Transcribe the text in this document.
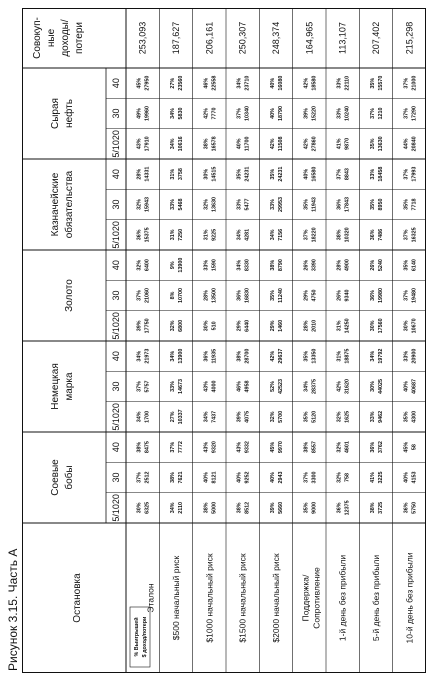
Рисунок 3.15. Часть А	Остановка
Соевые бобы
5/1020
30
40
Немецкая марка
5/1020
30
40
Золото
5/1020
30
40
Казначейские обязательства	5/1020
30
40
Сырая нефть
5/1020
30
40
Совокуп- ные доходы/ потери
% Выигрышей $ доход/потери
Эталон
253,093
30% 6325
37% 2512
38% 8475
34% 1700
37% 5757
34% 21973
39% 17750
37% 21060
32% 6400
36% 15375
32% 15943
28% 14331
43% 17910
49% 19960
45% 27950
$500 начальный риск
187,627
34% 2110
38% 7621
37% 7772
27% 10337
33% 14673
34% 13900
32% 6800
8% 10700
9% 13900
31% 7250
33% 5468
31% 3758
34% 10616
34% 5830
27% 23560
$1000 начальный риск
206,161
38% 5000
40% 8121
43% 9320
34% 7437
43% 4000
36% 11935
30% 510
28% 13500
33% 1590
31% 9225
32% 13630
30% 14515
38% 16578
42% 7770
46% 22558
$1500 начальный риск
250,307
38% 8512
40% 9252
43% 9332
39% 4075
46% 4958
38% 28700
29% 6440
36% 16830
34% 8330
34% 4281
33% 5477
35% 24231
40% 11700
37% 10340
34% 23710
$2000 начальный риск
248,374
39% 5660
40% 2943
45% 9970
32% 5700
52% 42523
42% 29637
29% 1460
35% 11240
38% 8790
34% 7156
33% 29953
35% 24231
42% 11508
40% 18790
40% 16080
Поддержка/ Сопротивление
164,965
35% 9000
37% 3300
38% 8557
35% 5120
34% 28375
35% 13350
28% 2010
29% 4750
26% 3390
37% 18220
35% 11943
40% 16580
42% 27860
39% 15220
42% 18580
1-й день без прибыли
113,107
36% 12375
32% 758
32% 4601
32% 1625
42% 31620
31% 18875
31% 14250
26% 9340
28% 4900
38% 10320
36% 17843
37% 8843
41% 9870
33% 10240
33% 22110
5-й день без прибыли
207,402
38% 3725
41% 3225
36% 3762
33% 9462
30% 44025
34% 19792
30% 17560
36% 19980
26% 5240
36% 7486
35% 8950
33% 18458
35% 13630
37% 1210
35% 15570
10-й день без прибыли
215,298
36% 5750
40% 4153
45% 58
35% 4300
40% 40687
33% 20900
30% 10670
37% 19480
35% 6140
37% 16325
35% 7718
37% 17993
44% 20840
37% 17290
37% 21000
